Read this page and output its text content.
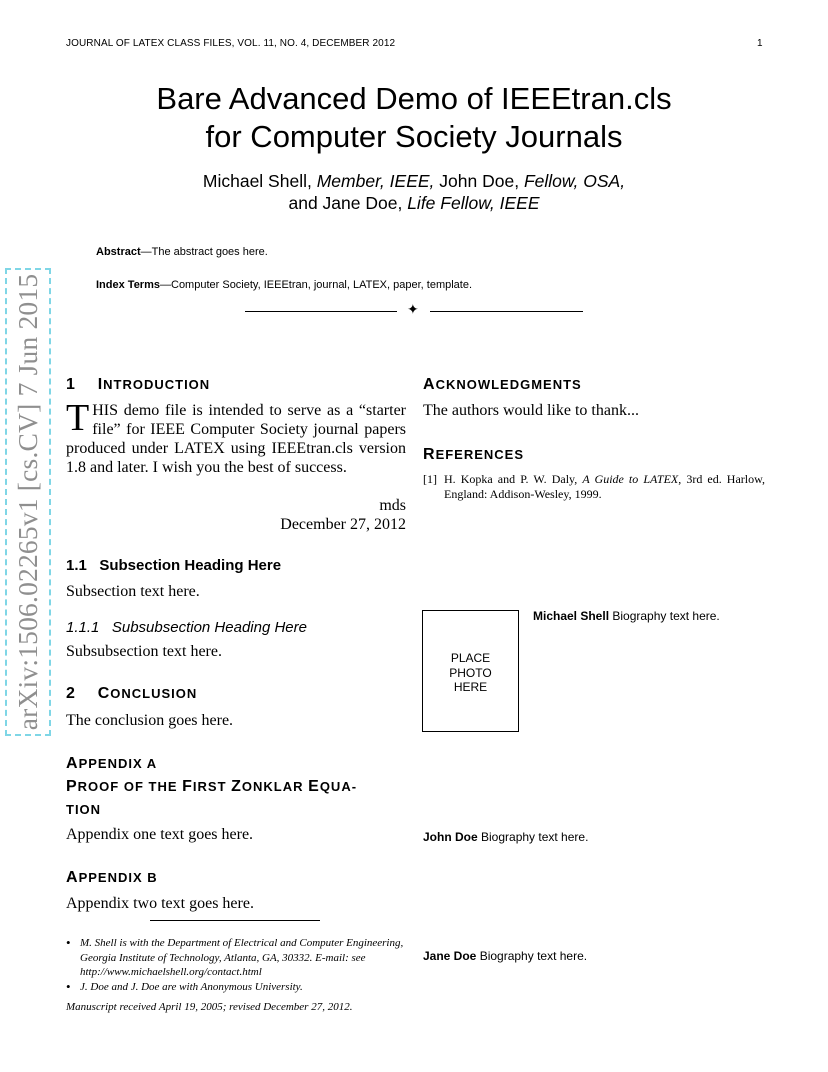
JOURNAL OF LATEX CLASS FILES, VOL. 11, NO. 4, DECEMBER 2012	1
Bare Advanced Demo of IEEEtran.cls
for Computer Society Journals
Michael Shell, Member, IEEE, John Doe, Fellow, OSA,
and Jane Doe, Life Fellow, IEEE
Abstract—The abstract goes here.
Index Terms—Computer Society, IEEEtran, journal, LATEX, paper, template.
✦
arXiv:1506.02265v1 [cs.CV] 7 Jun 2015 1 INTRODUCTION
THIS demo file is intended to serve as a “starter file” for IEEE Computer Society journal papers produced under LATEX using IEEEtran.cls version 1.8 and later. I wish you the best of success.
mds
December 27, 2012
1.1   Subsection Heading Here
Subsection text here.
1.1.1   Subsubsection Heading Here
Subsubsection text here.
2 CONCLUSION
The conclusion goes here.
APPENDIX A
PROOF OF THE FIRST ZONKLAR EQUA-
TION
Appendix one text goes here.
APPENDIX B
Appendix two text goes here.
• M. Shell is with the Department of Electrical and Computer Engineering, Georgia Institute of Technology, Atlanta, GA, 30332. E-mail: see http://www.michaelshell.org/contact.html
• J. Doe and J. Doe are with Anonymous University.
Manuscript received April 19, 2005; revised December 27, 2012.
ACKNOWLEDGMENTS
The authors would like to thank...
REFERENCES
[1] H. Kopka and P. W. Daly, A Guide to LATEX, 3rd ed. Harlow, England: Addison-Wesley, 1999.
PLACE
PHOTO
HERE
Michael Shell Biography text here.
John Doe Biography text here.
Jane Doe Biography text here.
